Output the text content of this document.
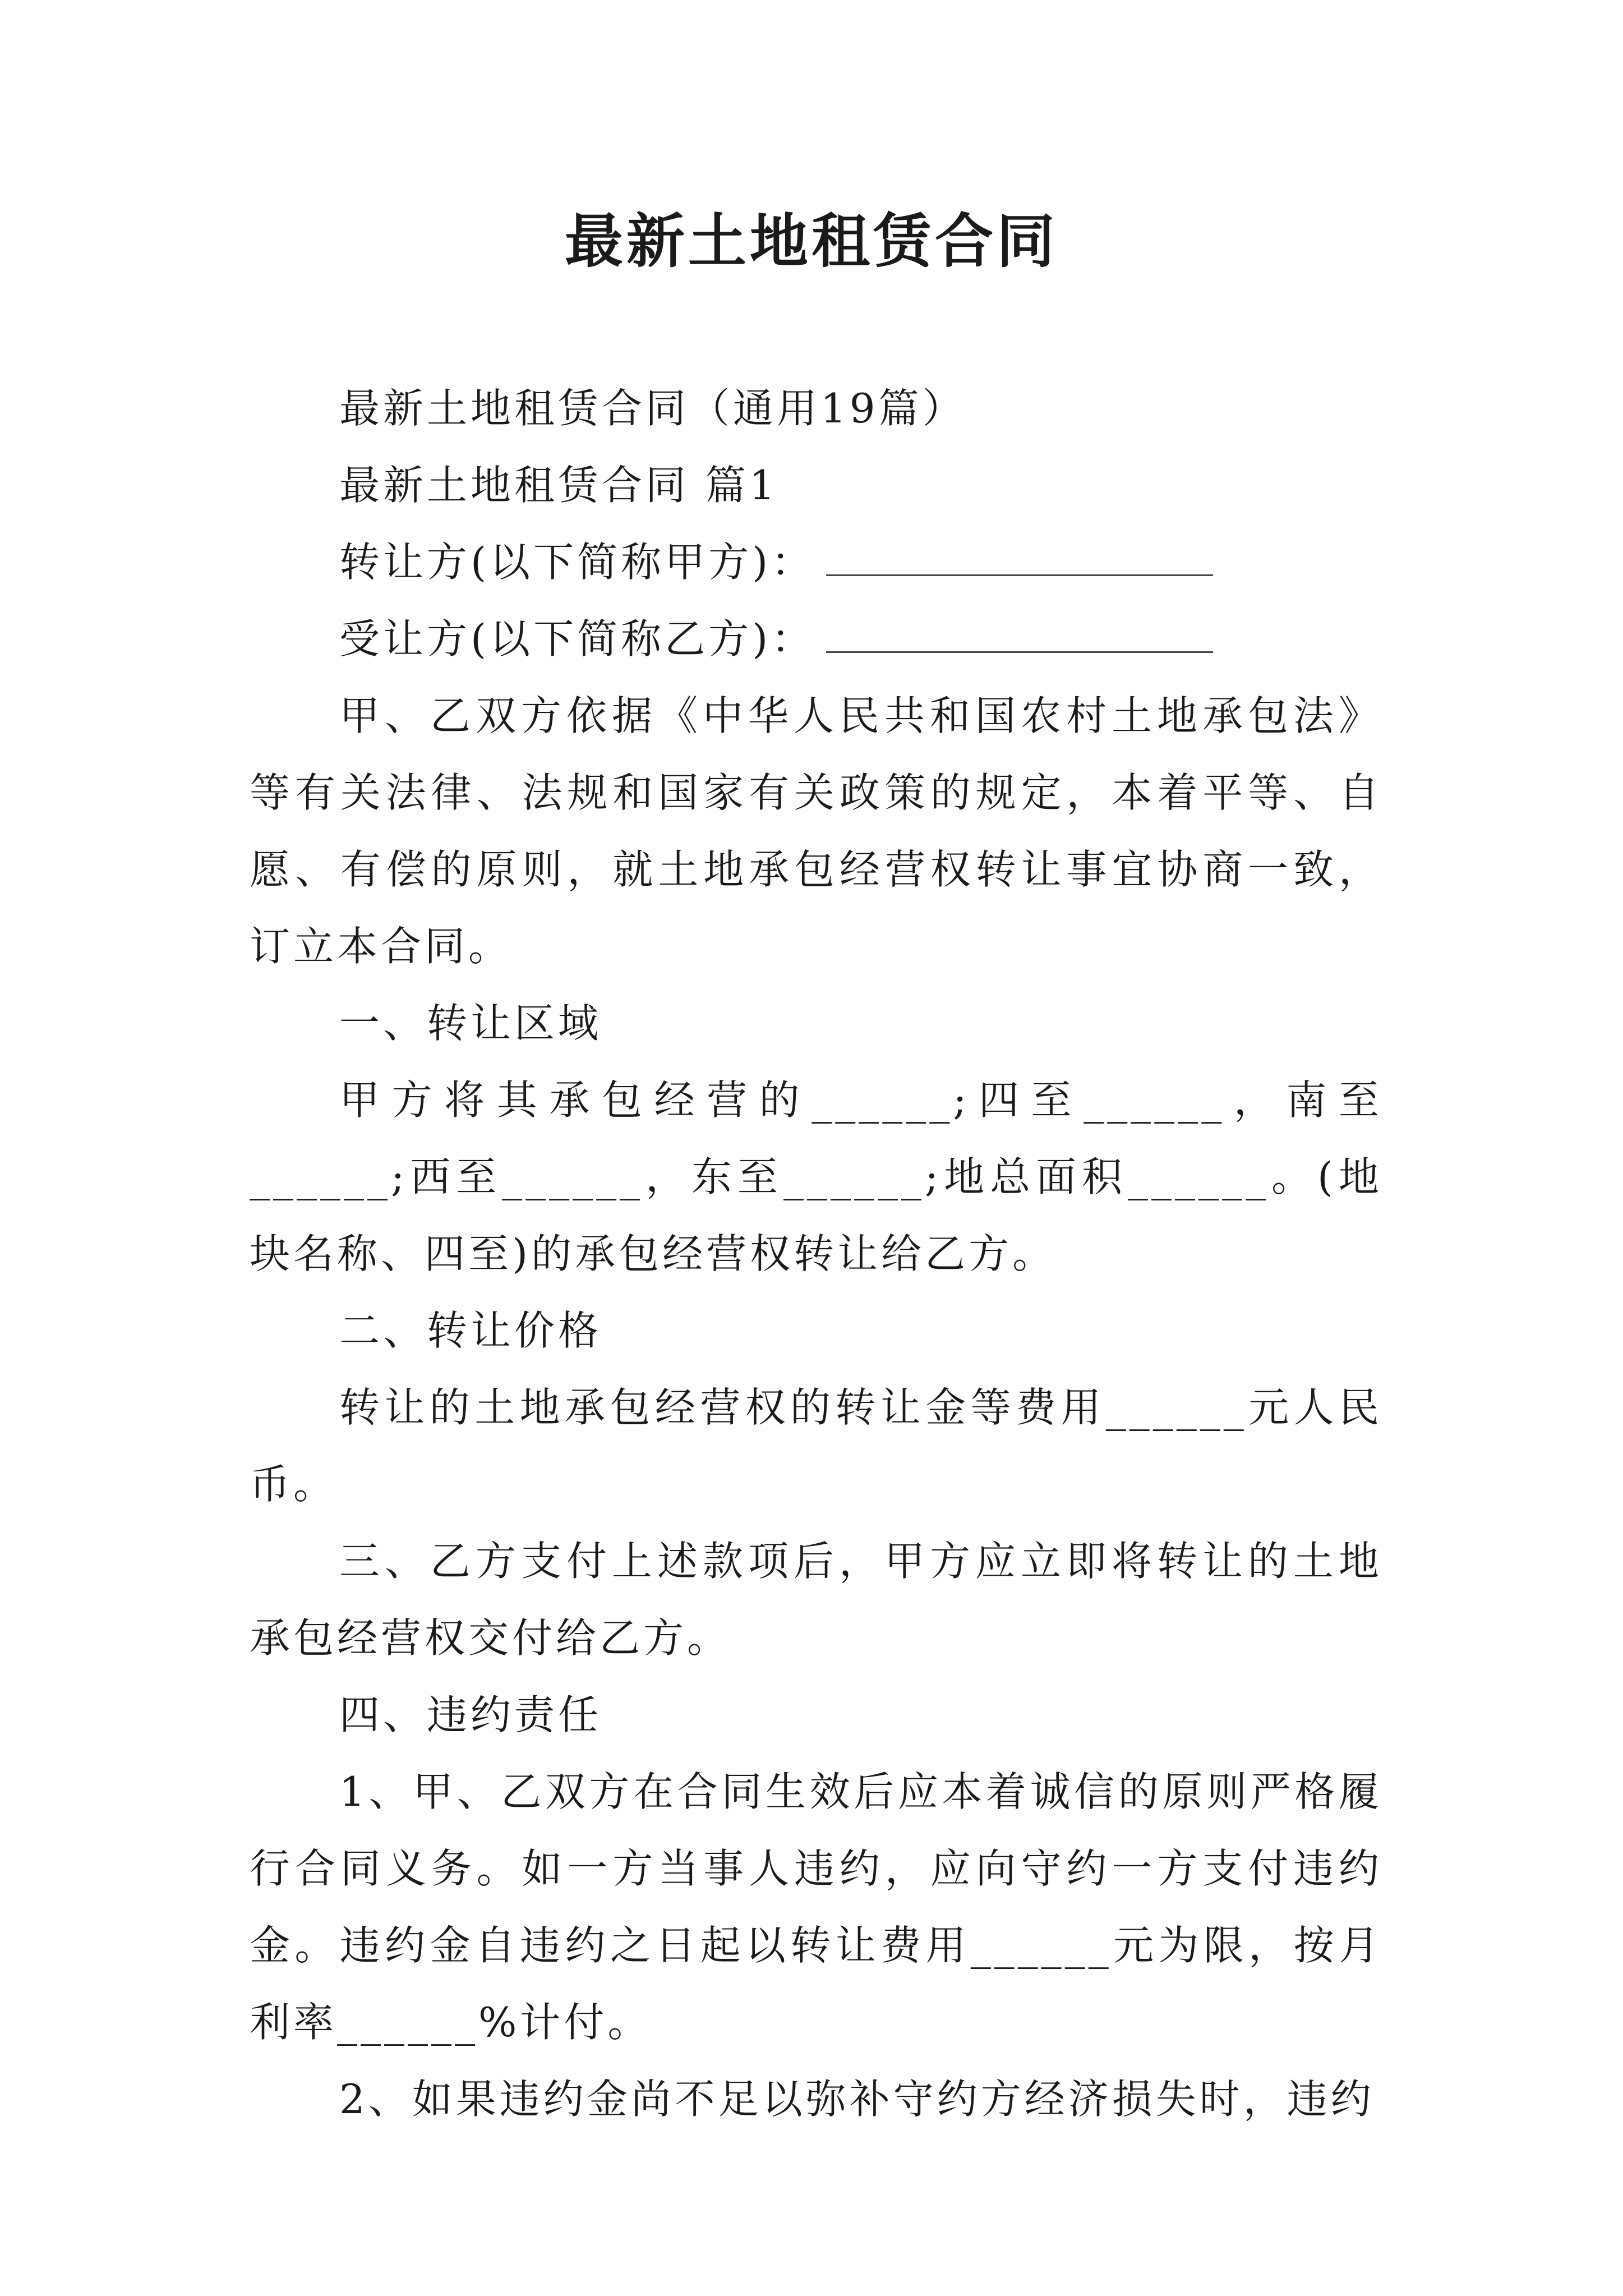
最新土地租赁合同

最新土地租赁合同（通用19篇）

最新土地租赁合同 篇1

转让方(以下简称甲方)：

受让方(以下简称乙方)：

甲、乙双方依据《中华人民共和国农村土地承包法》等有关法律、法规和国家有关政策的规定，本着平等、自愿、有偿的原则，就土地承包经营权转让事宜协商一致，订立本合同。

一、转让区域

甲方将其承包经营的______;四至______，南至______;西至______，东至______;地总面积______。(地块名称、四至)的承包经营权转让给乙方。

二、转让价格

转让的土地承包经营权的转让金等费用______元人民币。

三、乙方支付上述款项后，甲方应立即将转让的土地承包经营权交付给乙方。

四、违约责任

1、甲、乙双方在合同生效后应本着诚信的原则严格履行合同义务。如一方当事人违约，应向守约一方支付违约金。违约金自违约之日起以转让费用______元为限，按月利率______%计付。

2、如果违约金尚不足以弥补守约方经济损失时，违约
